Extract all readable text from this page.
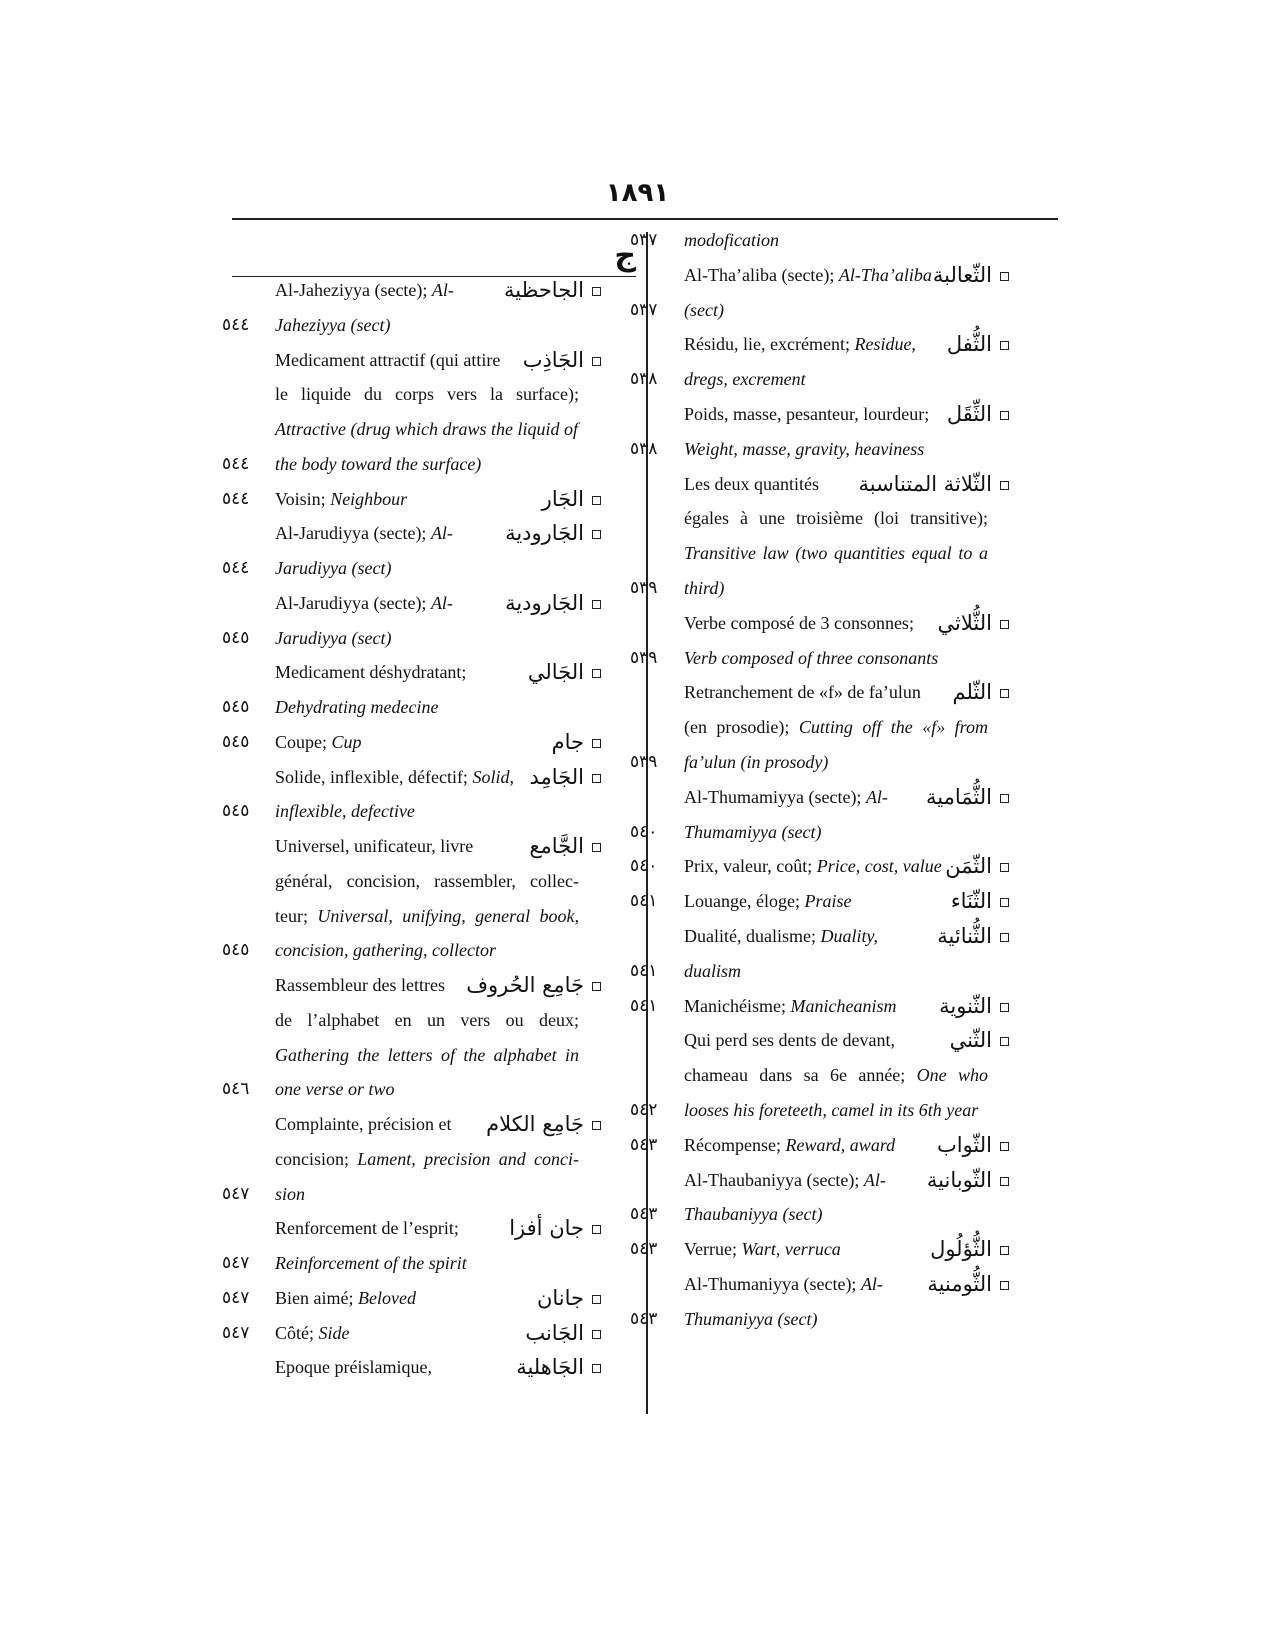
١٨٩١
ج
Al-Jaheziyya (secte); Al- الجاحظية
٥٤٤	Jaheziyya (sect)
Medicament attractif (qui attire الجَاذِب
le liquide du corps vers la surface);
Attractive (drug which draws the liquid of
٥٤٤	the body toward the surface)
٥٤٤	Voisin; Neighbour	الجَار
Al-Jarudiyya (secte); Al- الجَارودية
٥٤٤	Jarudiyya (sect)
Al-Jarudiyya (secte); Al- الجَارودية
٥٤٥	Jarudiyya (sect)
Medicament déshydratant;	الجَالي
٥٤٥	Dehydrating medecine
٥٤٥	Coupe; Cup	جام
Solide, inflexible, défectif; Solid, الجَامِد
٥٤٥	inflexible, defective
Universel, unificateur, livre	الجَّامع
général, concision, rassembler, collec-
teur; Universal, unifying, general book,
٥٤٥	concision, gathering, collector
Rassembleur des lettres جَامِع الحُروف
de l’alphabet en un vers ou deux;
Gathering the letters of the alphabet in
٥٤٦	one verse or two
Complainte, précision et جَامِع الكلام
concision; Lament, precision and conci-
٥٤٧	sion
Renforcement de l’esprit; جان أفزا
٥٤٧	Reinforcement of the spirit
٥٤٧	Bien aimé; Beloved	جانان
٥٤٧	Côté; Side	الجَانب
Epoque préislamique,	الجَاهلية
٥٣٧	modofication
Al-Tha’aliba (secte); Al-Tha’aliba الثّعالبة
٥٣٧	(sect)
Résidu, lie, excrément; Residue, الثُّفل
٥٣٨	dregs, excrement
Poids, masse, pesanteur, lourdeur; الثِّقَل
٥٣٨	Weight, masse, gravity, heaviness
Les deux quantités الثّلاثة المتناسبة
égales à une troisième (loi transitive);
Transitive law (two quantities equal to a
٥٣٩	third)
Verbe composé de 3 consonnes; الثُّلاثي
٥٣٩	Verb composed of three consonants
Retranchement de «f» de fa’ulun الثّلم
(en prosodie); Cutting off the «f» from
٥٣٩	fa’ulun (in prosody)
Al-Thumamiyya (secte); Al- الثُّمَامية
٥٤٠	Thumamiyya (sect)
٥٤٠	Prix, valeur, coût; Price, cost, value الثّمَن
٥٤١	Louange, éloge; Praise	الثّنَاء
Dualité, dualisme; Duality,	الثُّنائية
٥٤١	dualism
٥٤١	Manichéisme; Manicheanism الثّنوية
Qui perd ses dents de devant,	الثّني
chameau dans sa 6e année; One who
٥٤٢	looses his foreteeth, camel in its 6th year
٥٤٣	Récompense; Reward, award الثّواب
Al-Thaubaniyya (secte); Al- الثّوبانية
٥٤٣	Thaubaniyya (sect)
٥٤٣	Verrue; Wart, verruca	الثُّؤلُول
Al-Thumaniyya (secte); Al- الثُّومنية
٥٤٣	Thumaniyya (sect)
